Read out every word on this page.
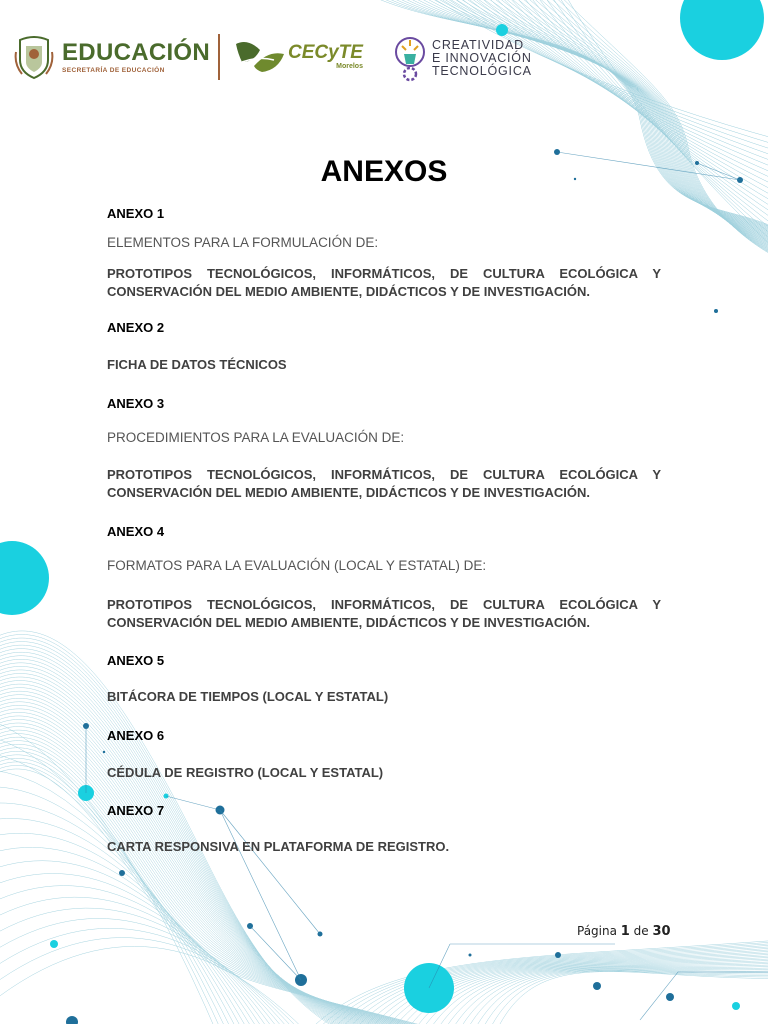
EDUCACIÓN
SECRETARÍA DE EDUCACIÓN
CECyTE
Morelos
CREATIVIDAD
E INNOVACIÓN
TECNOLÓGICA
ANEXOS
ANEXO 1
ELEMENTOS PARA LA FORMULACIÓN DE:
PROTOTIPOS TECNOLÓGICOS, INFORMÁTICOS, DE CULTURA ECOLÓGICA Y CONSERVACIÓN DEL MEDIO AMBIENTE, DIDÁCTICOS Y DE INVESTIGACIÓN.
ANEXO 2
FICHA DE DATOS TÉCNICOS
ANEXO 3
PROCEDIMIENTOS PARA LA EVALUACIÓN DE:
PROTOTIPOS TECNOLÓGICOS, INFORMÁTICOS, DE CULTURA ECOLÓGICA Y CONSERVACIÓN DEL MEDIO AMBIENTE, DIDÁCTICOS Y DE INVESTIGACIÓN.
ANEXO 4
FORMATOS PARA LA EVALUACIÓN (LOCAL Y ESTATAL) DE:
PROTOTIPOS TECNOLÓGICOS, INFORMÁTICOS, DE CULTURA ECOLÓGICA Y CONSERVACIÓN DEL MEDIO AMBIENTE, DIDÁCTICOS Y DE INVESTIGACIÓN.
ANEXO 5
BITÁCORA DE TIEMPOS (LOCAL Y ESTATAL)
ANEXO 6
CÉDULA DE REGISTRO (LOCAL Y ESTATAL)
ANEXO 7
CARTA RESPONSIVA EN PLATAFORMA DE REGISTRO.
Página 1 de 30
